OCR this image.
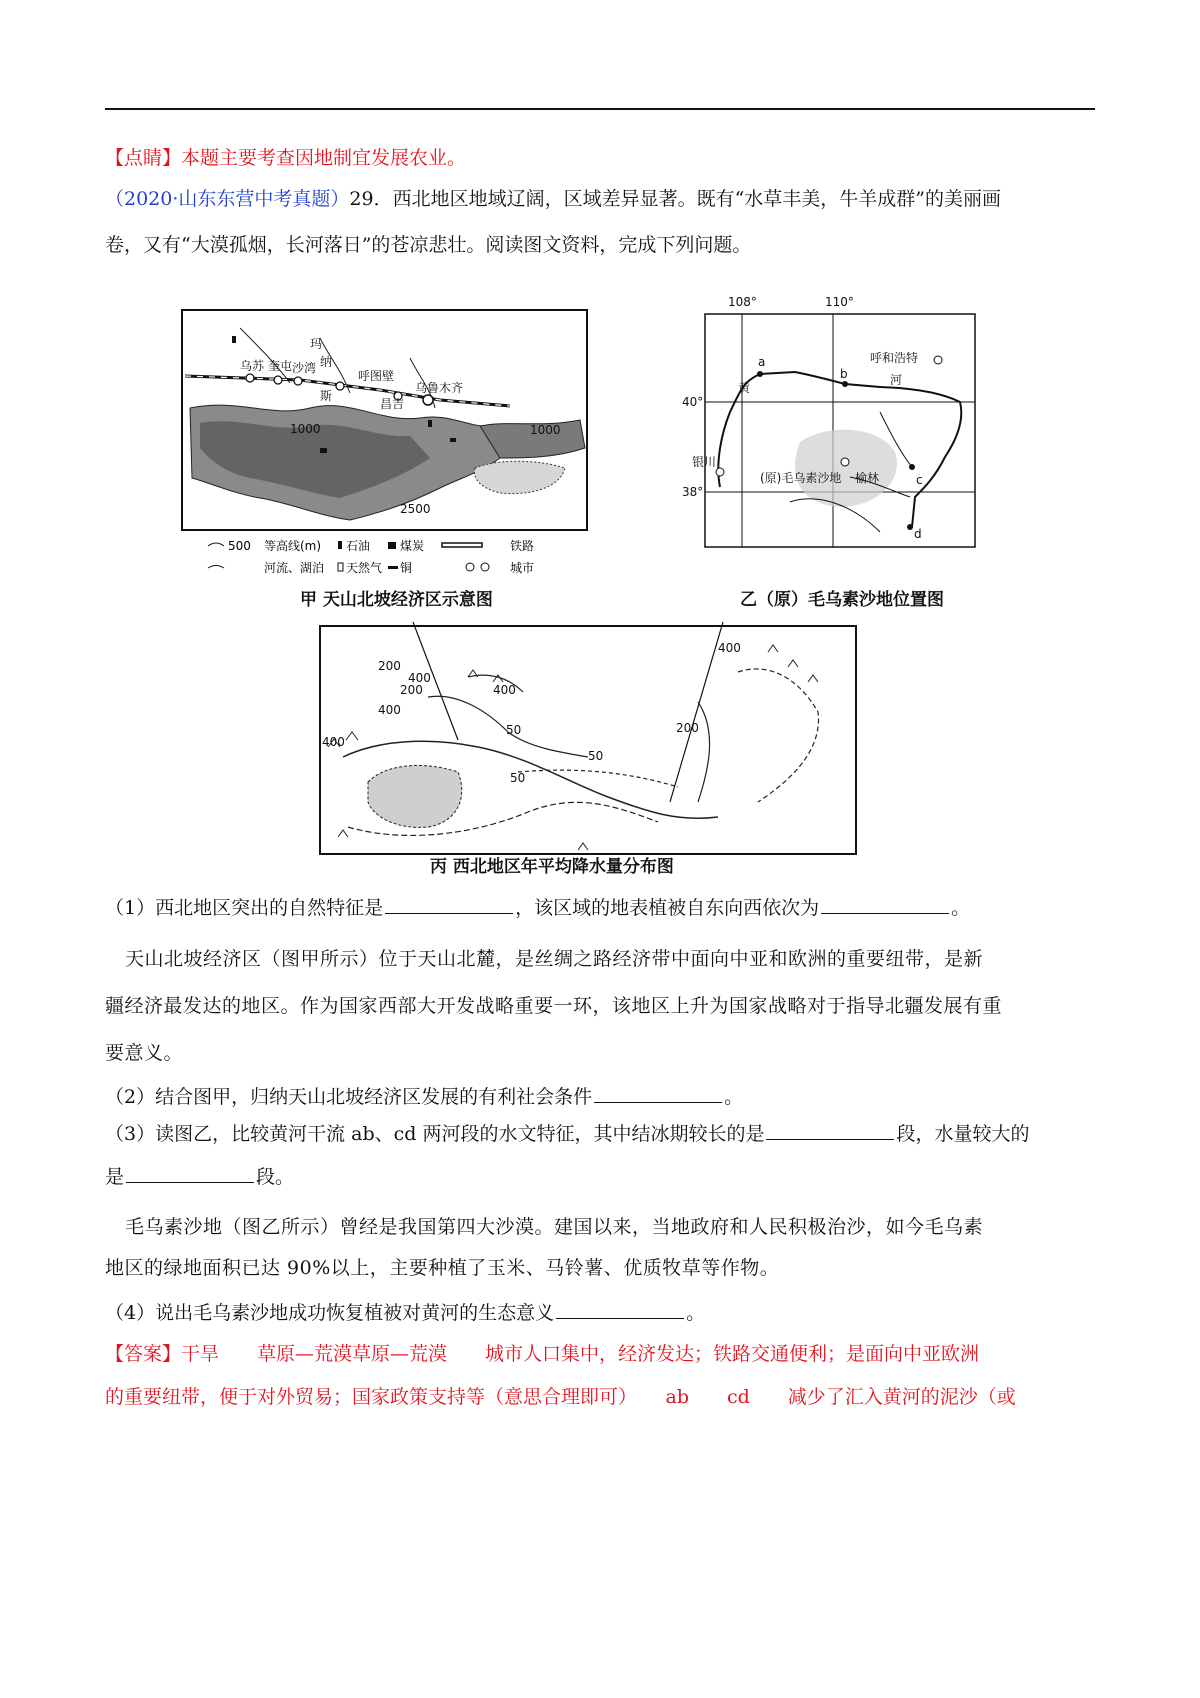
【点睛】本题主要考查因地制宜发展农业。
（2020·山东东营中考真题）29．西北地区地域辽阔，区域差异显著。既有“水草丰美，牛羊成群”的美丽画
卷，又有“大漠孤烟，长河落日”的苍凉悲壮。阅读图文资料，完成下列问题。
乌苏 奎屯 沙湾
玛
纳
斯
呼图壁
昌吉
乌鲁木齐
1000	1000
2500
500 等高线(m) 石油 煤炭	铁路
河流、湖泊 天然气 铜	城市
甲 天山北坡经济区示意图
108°	110°
40°
38°
a
b
c
d
呼和浩特
银川
榆林
黄
河
(原)毛乌素沙地
乙（原）毛乌素沙地位置图
400
200
200	400
400
50
400
50
50
200
400
丙 西北地区年平均降水量分布图
（1）西北地区突出的自然特征是	，该区域的地表植被自东向西依次为	。
天山北坡经济区（图甲所示）位于天山北麓，是丝绸之路经济带中面向中亚和欧洲的重要纽带，是新
疆经济最发达的地区。作为国家西部大开发战略重要一环，该地区上升为国家战略对于指导北疆发展有重
要意义。
（2）结合图甲，归纳天山北坡经济区发展的有利社会条件	。
（3）读图乙，比较黄河干流 ab、cd 两河段的水文特征，其中结冰期较长的是	段，水量较大的
是	段。
毛乌素沙地（图乙所示）曾经是我国第四大沙漠。建国以来，当地政府和人民积极治沙，如今毛乌素
地区的绿地面积已达 90%以上，主要种植了玉米、马铃薯、优质牧草等作物。
（4）说出毛乌素沙地成功恢复植被对黄河的生态意义	。
【答案】干旱　　草原—荒漠草原—荒漠　　城市人口集中，经济发达；铁路交通便利；是面向中亚欧洲
的重要纽带，便于对外贸易；国家政策支持等（意思合理即可）　　ab　　cd　　减少了汇入黄河的泥沙（或
